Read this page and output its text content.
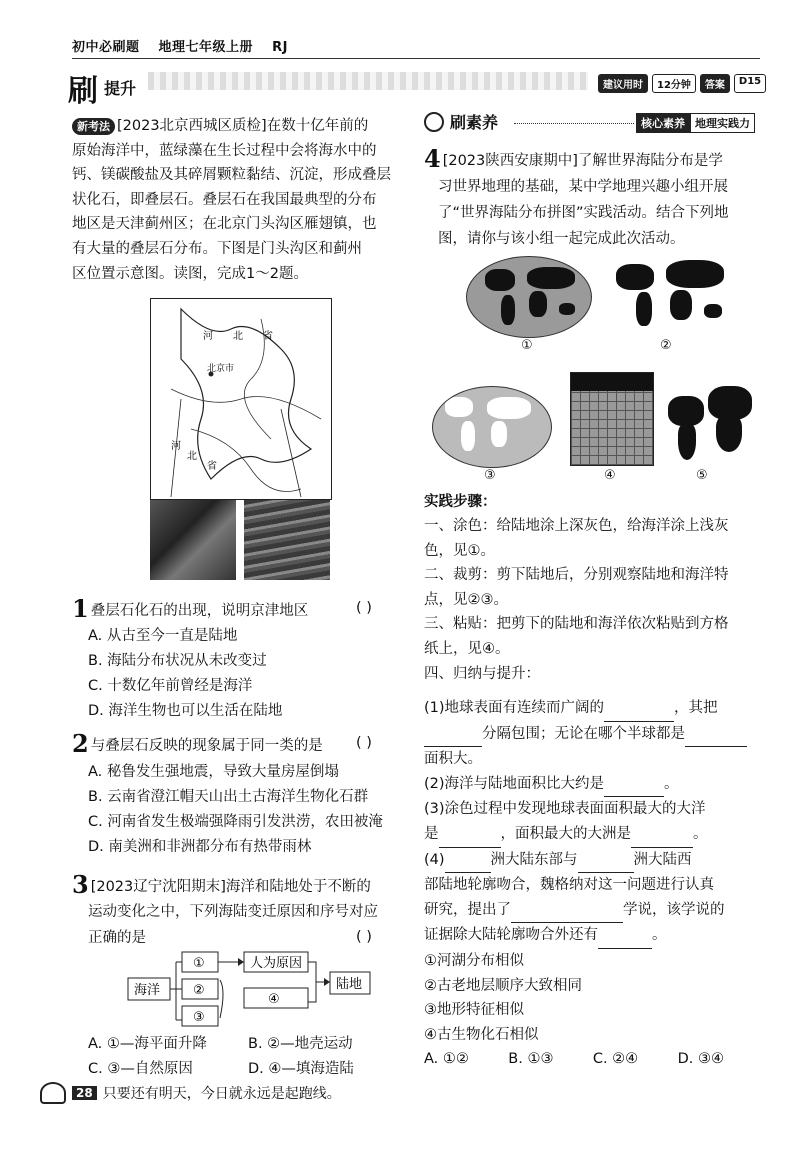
初中必刷题 地理七年级上册 RJ
刷 提升	建议用时	12分钟	答案	D15
新考法 [2023北京西城区质检]在数十亿年前的
原始海洋中，蓝绿藻在生长过程中会将海水中的
钙、镁碳酸盐及其碎屑颗粒黏结、沉淀，形成叠层
状化石，即叠层石。叠层石在我国最典型的分布
地区是天津蓟州区；在北京门头沟区雁翅镇，也
有大量的叠层石分布。下图是门头沟区和蓟州
区位置示意图。读图，完成1～2题。
河 北 省
北京市
河
北
省
1 叠层石化石的出现，说明京津地区	( )
A. 从古至今一直是陆地
B. 海陆分布状况从未改变过
C. 十数亿年前曾经是海洋
D. 海洋生物也可以生活在陆地
2 与叠层石反映的现象属于同一类的是 ( )
A. 秘鲁发生强地震，导致大量房屋倒塌
B. 云南省澄江帽天山出土古海洋生物化石群
C. 河南省发生极端强降雨引发洪涝，农田被淹
D. 南美洲和非洲都分布有热带雨林
3 [2023辽宁沈阳期末]海洋和陆地处于不断的
运动变化之中，下列海陆变迁原因和序号对应
正确的是	( )
海洋
①
②
③
人为原因
④
陆地
A. ①—海平面升降	B. ②—地壳运动
C. ③—自然原因	D. ④—填海造陆
刷素养	核心素养 地理实践力
4 [2023陕西安康期中]了解世界海陆分布是学
习世界地理的基础，某中学地理兴趣小组开展
了“世界海陆分布拼图”实践活动。结合下列地
图，请你与该小组一起完成此次活动。
①	②
③	④	⑤
实践步骤：
一、涂色：给陆地涂上深灰色，给海洋涂上浅灰
色，见①。
二、裁剪：剪下陆地后，分别观察陆地和海洋特
点，见②③。
三、粘贴：把剪下的陆地和海洋依次粘贴到方格
纸上，见④。
四、归纳与提升：
(1)地球表面有连续而广阔的	，其把
分隔包围；无论在哪个半球都是
面积大。
(2)海洋与陆地面积比大约是	。
(3)涂色过程中发现地球表面面积最大的大洋
是	，面积最大的大洲是	。
(4)	洲大陆东部与	洲大陆西
部陆地轮廓吻合，魏格纳对这一问题进行认真
研究，提出了	学说，该学说的
证据除大陆轮廓吻合外还有	。
①河湖分布相似
②古老地层顺序大致相同
③地形特征相似
④古生物化石相似
A. ①②	B. ①③	C. ②④	D. ③④
28 只要还有明天，今日就永远是起跑线。
